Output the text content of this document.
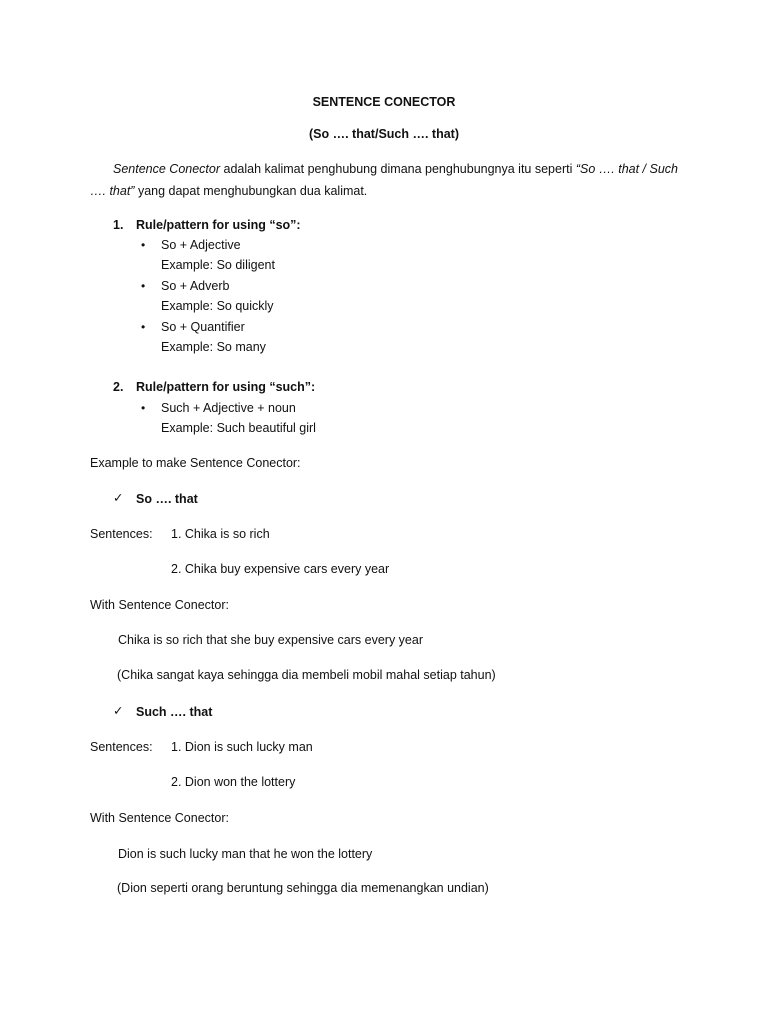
SENTENCE CONECTOR
(So …. that/Such …. that)
Sentence Conector adalah kalimat penghubung dimana penghubungnya itu seperti “So …. that / Such …. that” yang dapat menghubungkan dua kalimat.
1. Rule/pattern for using “so”:
• So + Adjective
Example: So diligent
• So + Adverb
Example: So quickly
• So + Quantifier
Example: So many
2. Rule/pattern for using “such”:
• Such + Adjective + noun
Example: Such beautiful girl
Example to make Sentence Conector:
✓ So …. that
Sentences: 1. Chika is so rich
2. Chika buy expensive cars every year
With Sentence Conector:
Chika is so rich that she buy expensive cars every year
(Chika sangat kaya sehingga dia membeli mobil mahal setiap tahun)
✓ Such …. that
Sentences: 1. Dion is such lucky man
2. Dion won the lottery
With Sentence Conector:
Dion is such lucky man that he won the lottery
(Dion seperti orang beruntung sehingga dia memenangkan undian)
